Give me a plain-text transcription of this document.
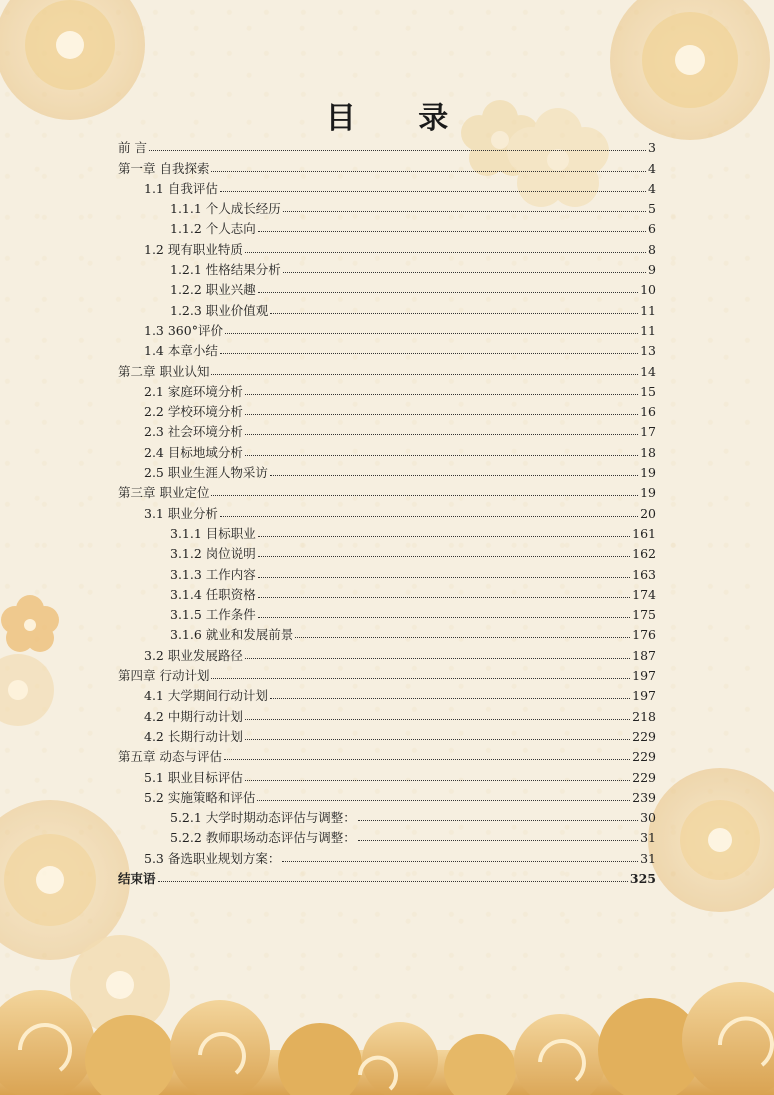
目 录
前 言	3
第一章 自我探索	4
1.1 自我评估	4
1.1.1 个人成长经历	5
1.1.2 个人志向	6
1.2 现有职业特质	8
1.2.1 性格结果分析	9
1.2.2 职业兴趣	10
1.2.3 职业价值观	11
1.3 360°评价	11
1.4 本章小结	13
第二章 职业认知	14
2.1 家庭环境分析	15
2.2 学校环境分析	16
2.3 社会环境分析	17
2.4 目标地域分析	18
2.5 职业生涯人物采访	19
第三章 职业定位	19
3.1 职业分析	20
3.1.1 目标职业	161
3.1.2 岗位说明	162
3.1.3 工作内容	163
3.1.4 任职资格	174
3.1.5 工作条件	175
3.1.6 就业和发展前景	176
3.2 职业发展路径	187
第四章 行动计划	197
4.1 大学期间行动计划	197
4.2 中期行动计划	218
4.2 长期行动计划	229
第五章 动态与评估	229
5.1 职业目标评估	229
5.2 实施策略和评估	239
5.2.1 大学时期动态评估与调整：	30
5.2.2 教师职场动态评估与调整：	31
5.3 备选职业规划方案：	31
结束语	325
